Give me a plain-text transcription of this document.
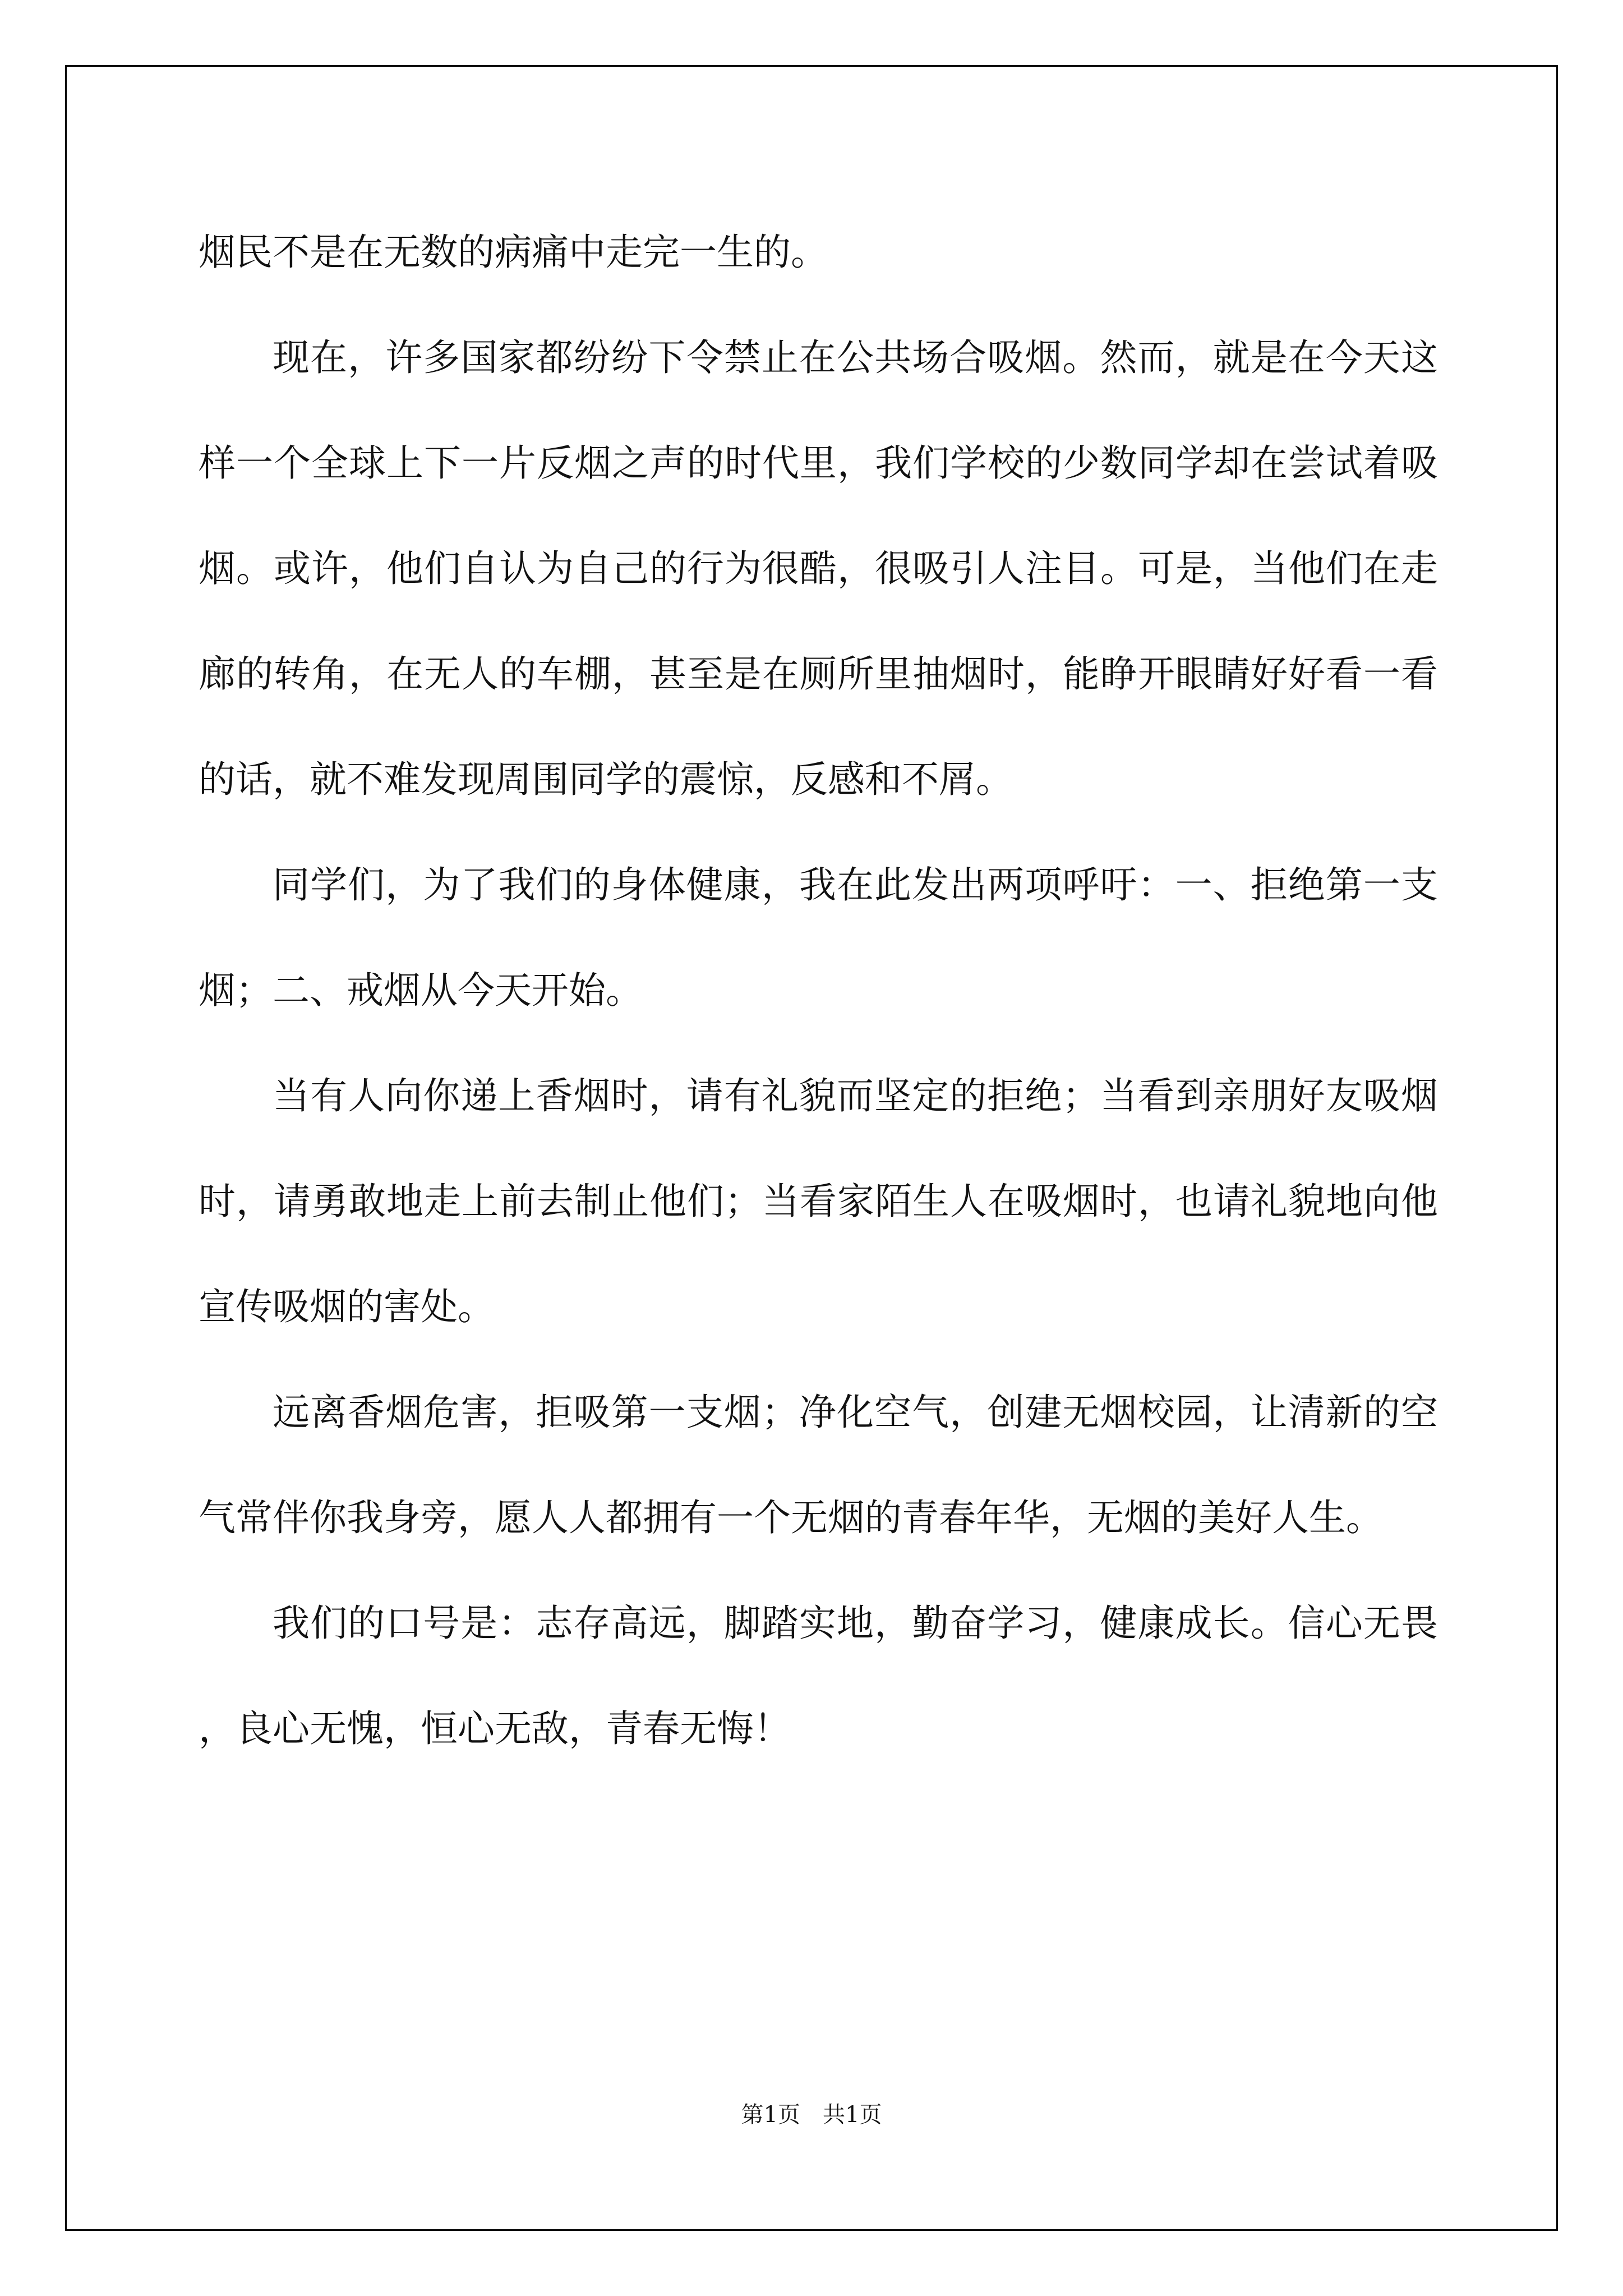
烟民不是在无数的病痛中走完一生的。

现在，许多国家都纷纷下令禁止在公共场合吸烟。然而，就是在今天这样一个全球上下一片反烟之声的时代里，我们学校的少数同学却在尝试着吸烟。或许，他们自认为自己的行为很酷，很吸引人注目。可是，当他们在走廊的转角，在无人的车棚，甚至是在厕所里抽烟时，能睁开眼睛好好看一看的话，就不难发现周围同学的震惊，反感和不屑。

同学们，为了我们的身体健康，我在此发出两项呼吁：一、拒绝第一支烟；二、戒烟从今天开始。

当有人向你递上香烟时，请有礼貌而坚定的拒绝；当看到亲朋好友吸烟时，请勇敢地走上前去制止他们；当看家陌生人在吸烟时，也请礼貌地向他宣传吸烟的害处。

远离香烟危害，拒吸第一支烟；净化空气，创建无烟校园，让清新的空气常伴你我身旁，愿人人都拥有一个无烟的青春年华，无烟的美好人生。

我们的口号是：志存高远，脚踏实地，勤奋学习，健康成长。信心无畏，良心无愧，恒心无敌，青春无悔！

第1页　共1页
